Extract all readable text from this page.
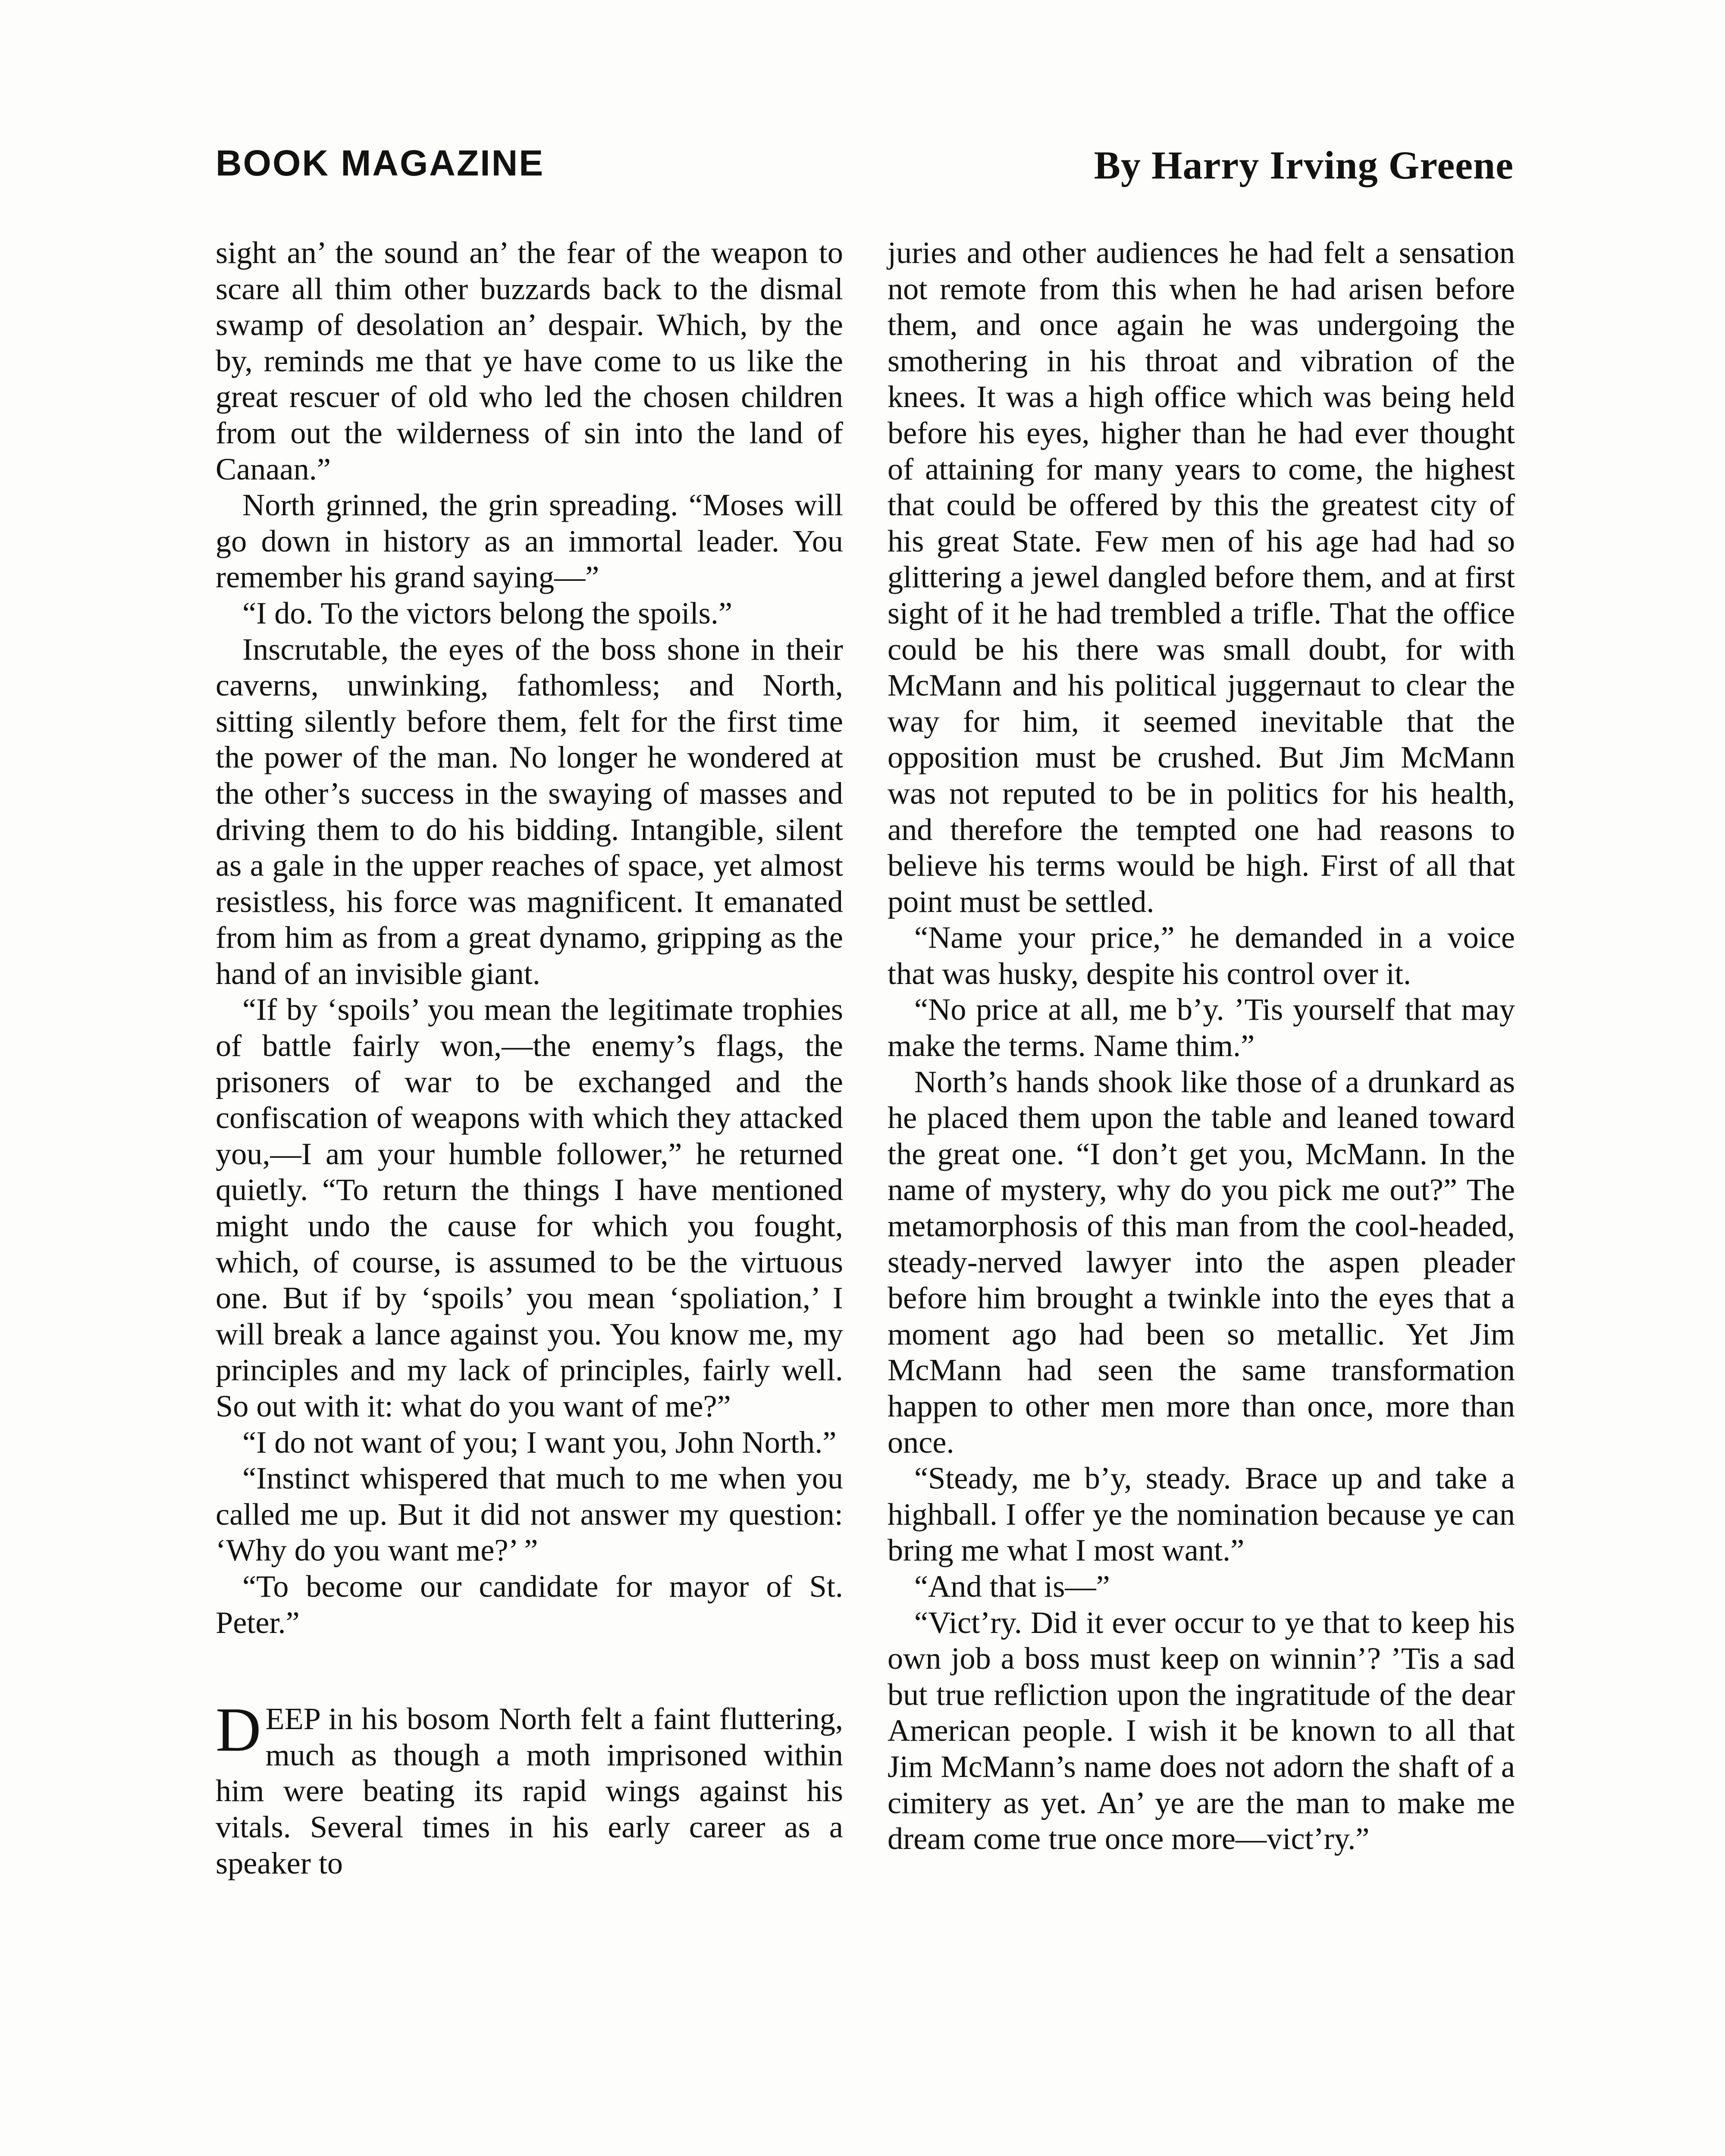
BOOK MAGAZINE	By Harry Irving Greene

sight an’ the sound an’ the fear of the weapon to scare all thim other buzzards back to the dismal swamp of desolation an’ despair. Which, by the by, reminds me that ye have come to us like the great rescuer of old who led the chosen children from out the wilderness of sin into the land of Canaan.”

North grinned, the grin spreading. “Moses will go down in history as an immortal leader. You remember his grand saying—”

“I do. To the victors belong the spoils.”

Inscrutable, the eyes of the boss shone in their caverns, unwinking, fathomless; and North, sitting silently before them, felt for the first time the power of the man. No longer he wondered at the other’s success in the swaying of masses and driving them to do his bidding. Intangible, silent as a gale in the upper reaches of space, yet almost resistless, his force was magnificent. It emanated from him as from a great dynamo, gripping as the hand of an invisible giant.

“If by ‘spoils’ you mean the legitimate trophies of battle fairly won,—the enemy’s flags, the prisoners of war to be exchanged and the confiscation of weapons with which they attacked you,—I am your humble follower,” he returned quietly. “To return the things I have mentioned might undo the cause for which you fought, which, of course, is assumed to be the virtuous one. But if by ‘spoils’ you mean ‘spoliation,’ I will break a lance against you. You know me, my principles and my lack of principles, fairly well. So out with it: what do you want of me?”

“I do not want of you; I want you, John North.”

“Instinct whispered that much to me when you called me up. But it did not answer my question: ‘Why do you want me?’ ”

“To become our candidate for mayor of St. Peter.”

DEEP in his bosom North felt a faint fluttering, much as though a moth imprisoned within him were beating its rapid wings against his vitals. Several times in his early career as a speaker to

juries and other audiences he had felt a sensation not remote from this when he had arisen before them, and once again he was undergoing the smothering in his throat and vibration of the knees. It was a high office which was being held before his eyes, higher than he had ever thought of attaining for many years to come, the highest that could be offered by this the greatest city of his great State. Few men of his age had had so glittering a jewel dangled before them, and at first sight of it he had trembled a trifle. That the office could be his there was small doubt, for with McMann and his political juggernaut to clear the way for him, it seemed inevitable that the opposition must be crushed. But Jim McMann was not reputed to be in politics for his health, and therefore the tempted one had reasons to believe his terms would be high. First of all that point must be settled.

“Name your price,” he demanded in a voice that was husky, despite his control over it.

“No price at all, me b’y. ’Tis yourself that may make the terms. Name thim.”

North’s hands shook like those of a drunkard as he placed them upon the table and leaned toward the great one. “I don’t get you, McMann. In the name of mystery, why do you pick me out?” The metamorphosis of this man from the cool-headed, steady-nerved lawyer into the aspen pleader before him brought a twinkle into the eyes that a moment ago had been so metallic. Yet Jim McMann had seen the same transformation happen to other men more than once, more than once.

“Steady, me b’y, steady. Brace up and take a highball. I offer ye the nomination because ye can bring me what I most want.”

“And that is—”

“Vict’ry. Did it ever occur to ye that to keep his own job a boss must keep on winnin’? ’Tis a sad but true refliction upon the ingratitude of the dear American people. I wish it be known to all that Jim McMann’s name does not adorn the shaft of a cimitery as yet. An’ ye are the man to make me dream come true once more—vict’ry.”
